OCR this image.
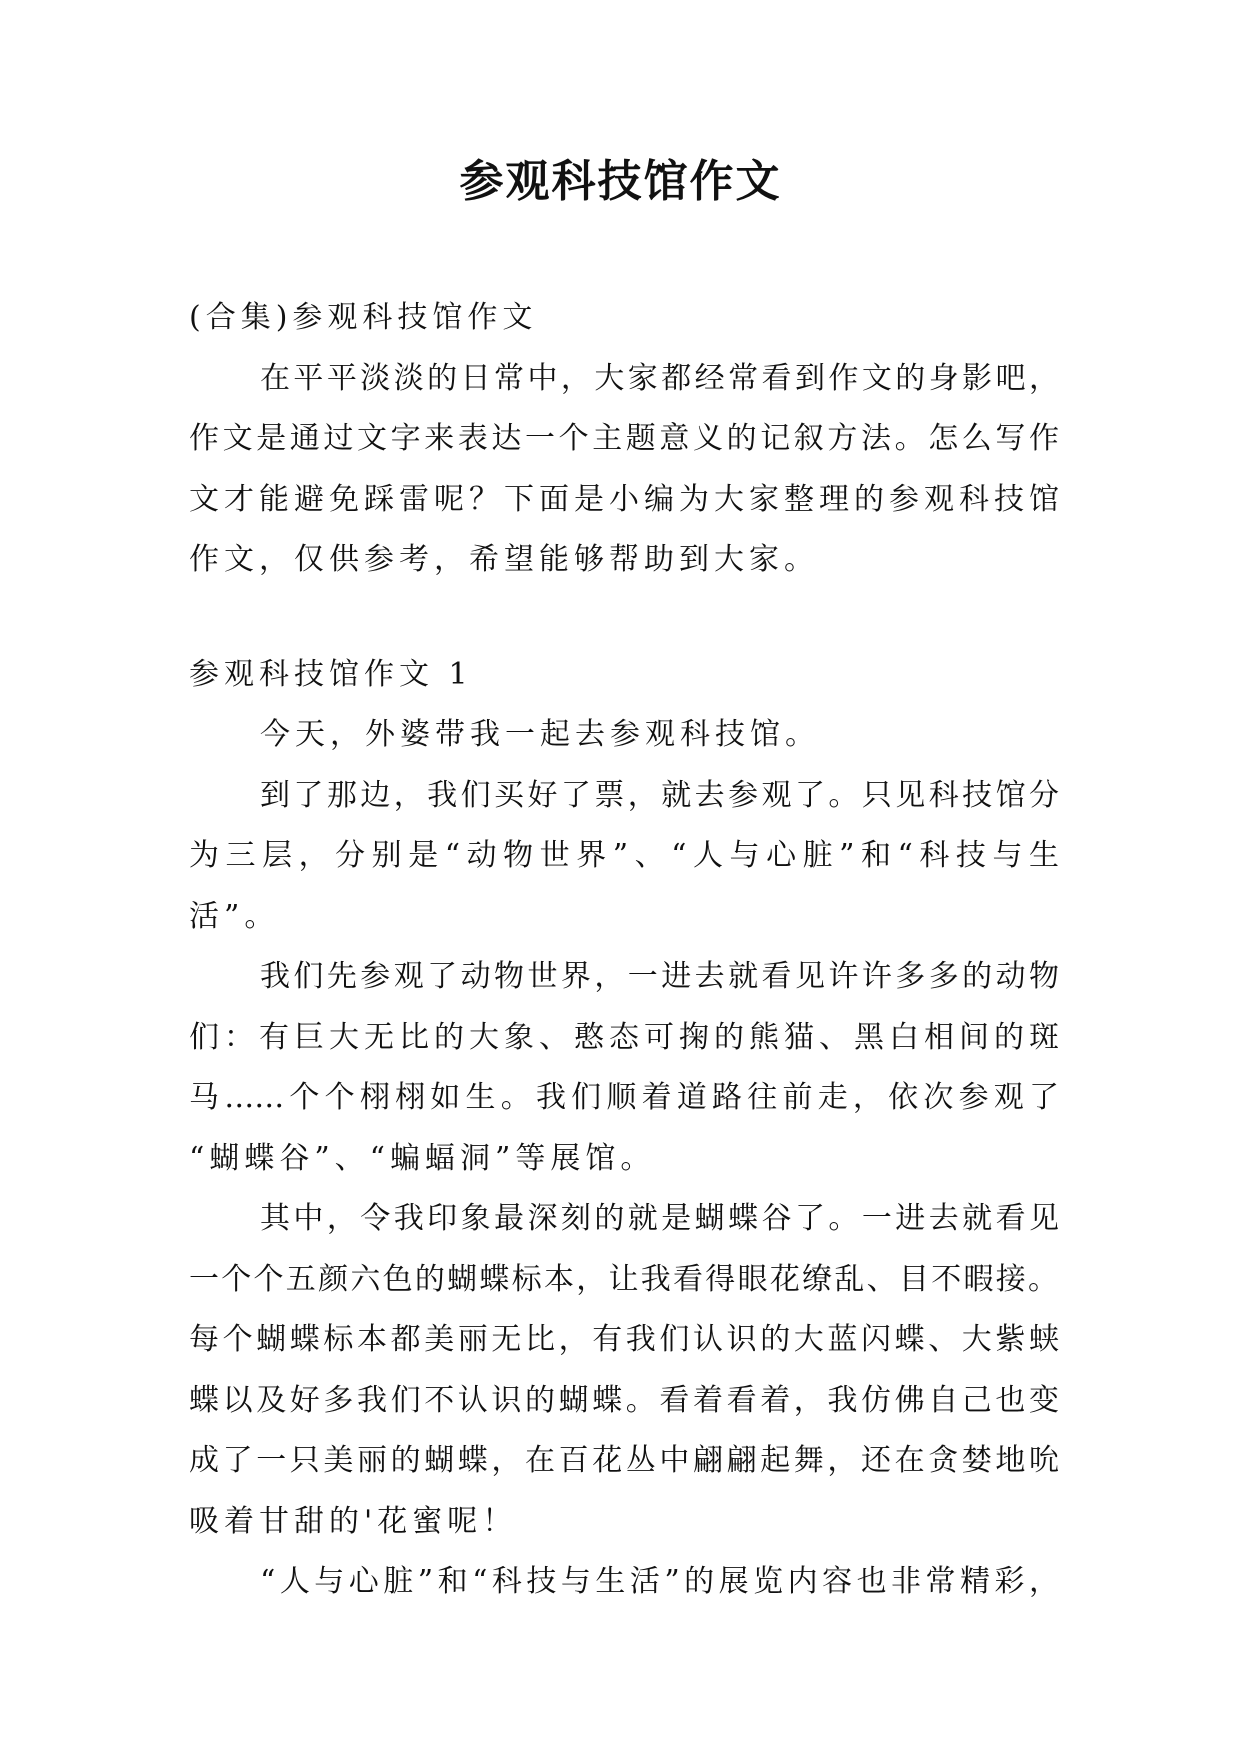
参观科技馆作文
(合集)参观科技馆作文
在平平淡淡的日常中，大家都经常看到作文的身影吧，
作文是通过文字来表达一个主题意义的记叙方法。怎么写作
文才能避免踩雷呢？下面是小编为大家整理的参观科技馆
作文，仅供参考，希望能够帮助到大家。
参观科技馆作文 1
今天，外婆带我一起去参观科技馆。
到了那边，我们买好了票，就去参观了。只见科技馆分
为三层，分别是“动物世界”、“人与心脏”和“科技与生
活”。
我们先参观了动物世界，一进去就看见许许多多的动物
们：有巨大无比的大象、憨态可掬的熊猫、黑白相间的斑
马……个个栩栩如生。我们顺着道路往前走，依次参观了
“蝴蝶谷”、“蝙蝠洞”等展馆。
其中，令我印象最深刻的就是蝴蝶谷了。一进去就看见
一个个五颜六色的蝴蝶标本，让我看得眼花缭乱、目不暇接。
每个蝴蝶标本都美丽无比，有我们认识的大蓝闪蝶、大紫蛱
蝶以及好多我们不认识的蝴蝶。看着看着，我仿佛自己也变
成了一只美丽的蝴蝶，在百花丛中翩翩起舞，还在贪婪地吮
吸着甘甜的'花蜜呢！
“人与心脏”和“科技与生活”的展览内容也非常精彩，
